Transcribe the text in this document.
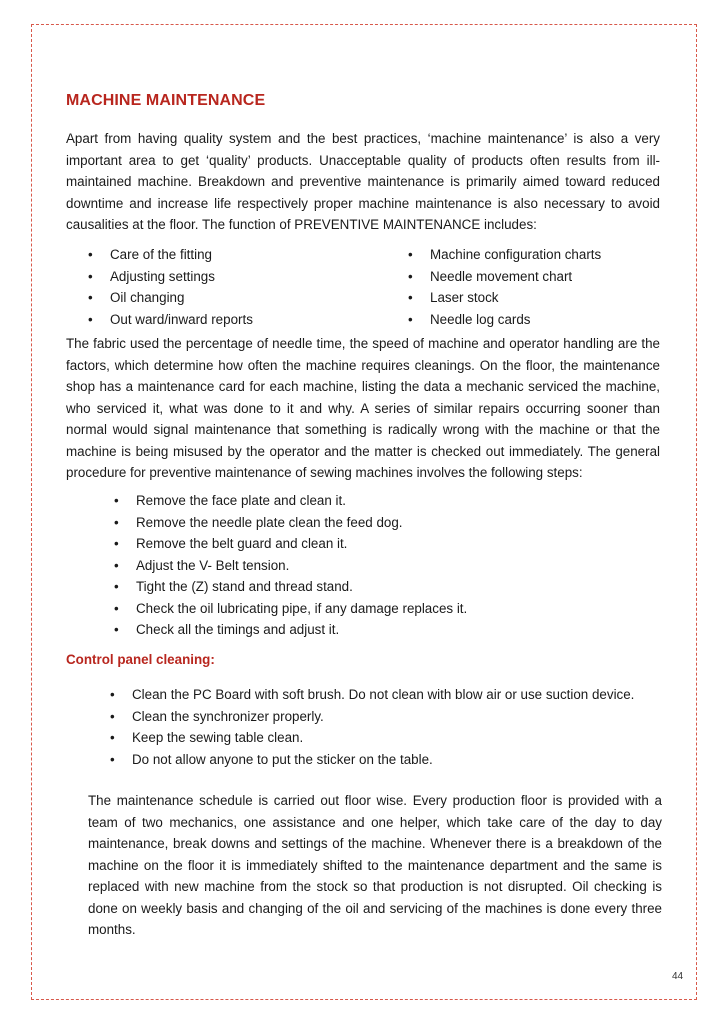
MACHINE MAINTENANCE

Apart from having quality system and the best practices, ‘machine maintenance’ is also a very important area to get ‘quality’ products. Unacceptable quality of products often results from ill-maintained machine. Breakdown and preventive maintenance is primarily aimed toward reduced downtime and increase life respectively proper machine maintenance is also necessary to avoid causalities at the floor. The function of PREVENTIVE MAINTENANCE includes:

•	Care of the fitting
•	Adjusting settings
•	Oil changing
•	Out ward/inward reports
•	Machine configuration charts
•	Needle movement chart
•	Laser stock
•	Needle log cards

The fabric used the percentage of needle time, the speed of machine and operator handling are the factors, which determine how often the machine requires cleanings. On the floor, the maintenance shop has a maintenance card for each machine, listing the data a mechanic serviced the machine, who serviced it, what was done to it and why. A series of similar repairs occurring sooner than normal would signal maintenance that something is radically wrong with the machine or that the machine is being misused by the operator and the matter is checked out immediately. The general procedure for preventive maintenance of sewing machines involves the following steps:

•	Remove the face plate and clean it.
•	Remove the needle plate clean the feed dog.
•	Remove the belt guard and clean it.
•	Adjust the V- Belt tension.
•	Tight the (Z) stand and thread stand.
•	Check the oil lubricating pipe, if any damage replaces it.
•	Check all the timings and adjust it.
Control panel cleaning:
•	Clean the PC Board with soft brush. Do not clean with blow air or use suction device.
•	Clean the synchronizer properly.
•	Keep the sewing table clean.
•	Do not allow anyone to put the sticker on the table.

The maintenance schedule is carried out floor wise. Every production floor is provided with a team of two mechanics, one assistance and one helper, which take care of the day to day maintenance, break downs and settings of the machine. Whenever there is a breakdown of the machine on the floor it is immediately shifted to the maintenance department and the same is replaced with new machine from the stock so that production is not disrupted. Oil checking is done on weekly basis and changing of the oil and servicing of the machines is done every three months.

44
